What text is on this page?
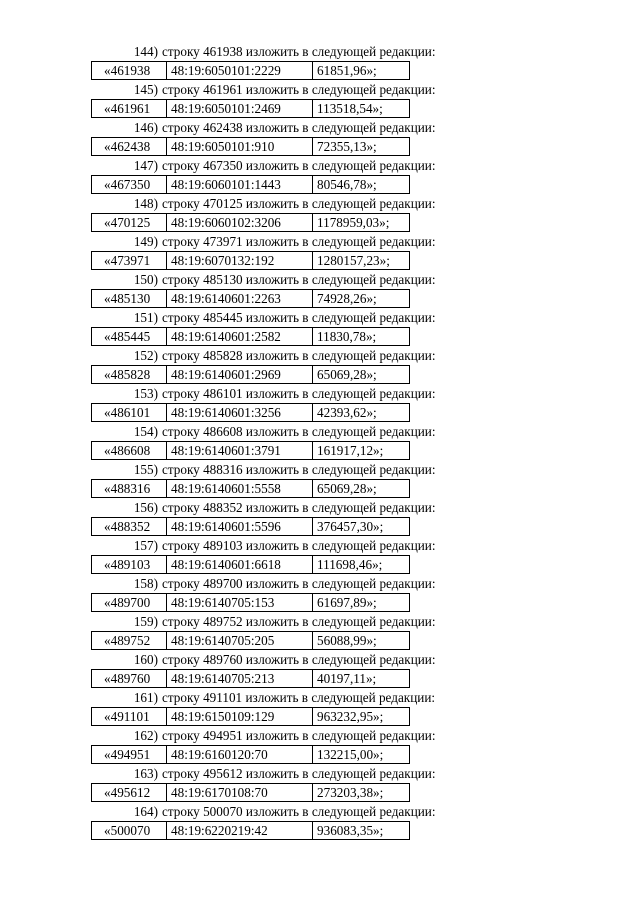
144) строку 461938 изложить в следующей редакции:
«461938	48:19:6050101:2229	61851,96»;
145) строку 461961 изложить в следующей редакции:
«461961	48:19:6050101:2469	113518,54»;
146) строку 462438 изложить в следующей редакции:
«462438	48:19:6050101:910	72355,13»;
147) строку 467350 изложить в следующей редакции:
«467350	48:19:6060101:1443	80546,78»;
148) строку 470125 изложить в следующей редакции:
«470125	48:19:6060102:3206	1178959,03»;
149) строку 473971 изложить в следующей редакции:
«473971	48:19:6070132:192	1280157,23»;
150) строку 485130 изложить в следующей редакции:
«485130	48:19:6140601:2263	74928,26»;
151) строку 485445 изложить в следующей редакции:
«485445	48:19:6140601:2582	11830,78»;
152) строку 485828 изложить в следующей редакции:
«485828	48:19:6140601:2969	65069,28»;
153) строку 486101 изложить в следующей редакции:
«486101	48:19:6140601:3256	42393,62»;
154) строку 486608 изложить в следующей редакции:
«486608	48:19:6140601:3791	161917,12»;
155) строку 488316 изложить в следующей редакции:
«488316	48:19:6140601:5558	65069,28»;
156) строку 488352 изложить в следующей редакции:
«488352	48:19:6140601:5596	376457,30»;
157) строку 489103 изложить в следующей редакции:
«489103	48:19:6140601:6618	111698,46»;
158) строку 489700 изложить в следующей редакции:
«489700	48:19:6140705:153	61697,89»;
159) строку 489752 изложить в следующей редакции:
«489752	48:19:6140705:205	56088,99»;
160) строку 489760 изложить в следующей редакции:
«489760	48:19:6140705:213	40197,11»;
161) строку 491101 изложить в следующей редакции:
«491101	48:19:6150109:129	963232,95»;
162) строку 494951 изложить в следующей редакции:
«494951	48:19:6160120:70	132215,00»;
163) строку 495612 изложить в следующей редакции:
«495612	48:19:6170108:70	273203,38»;
164) строку 500070 изложить в следующей редакции:
«500070	48:19:6220219:42	936083,35»;
